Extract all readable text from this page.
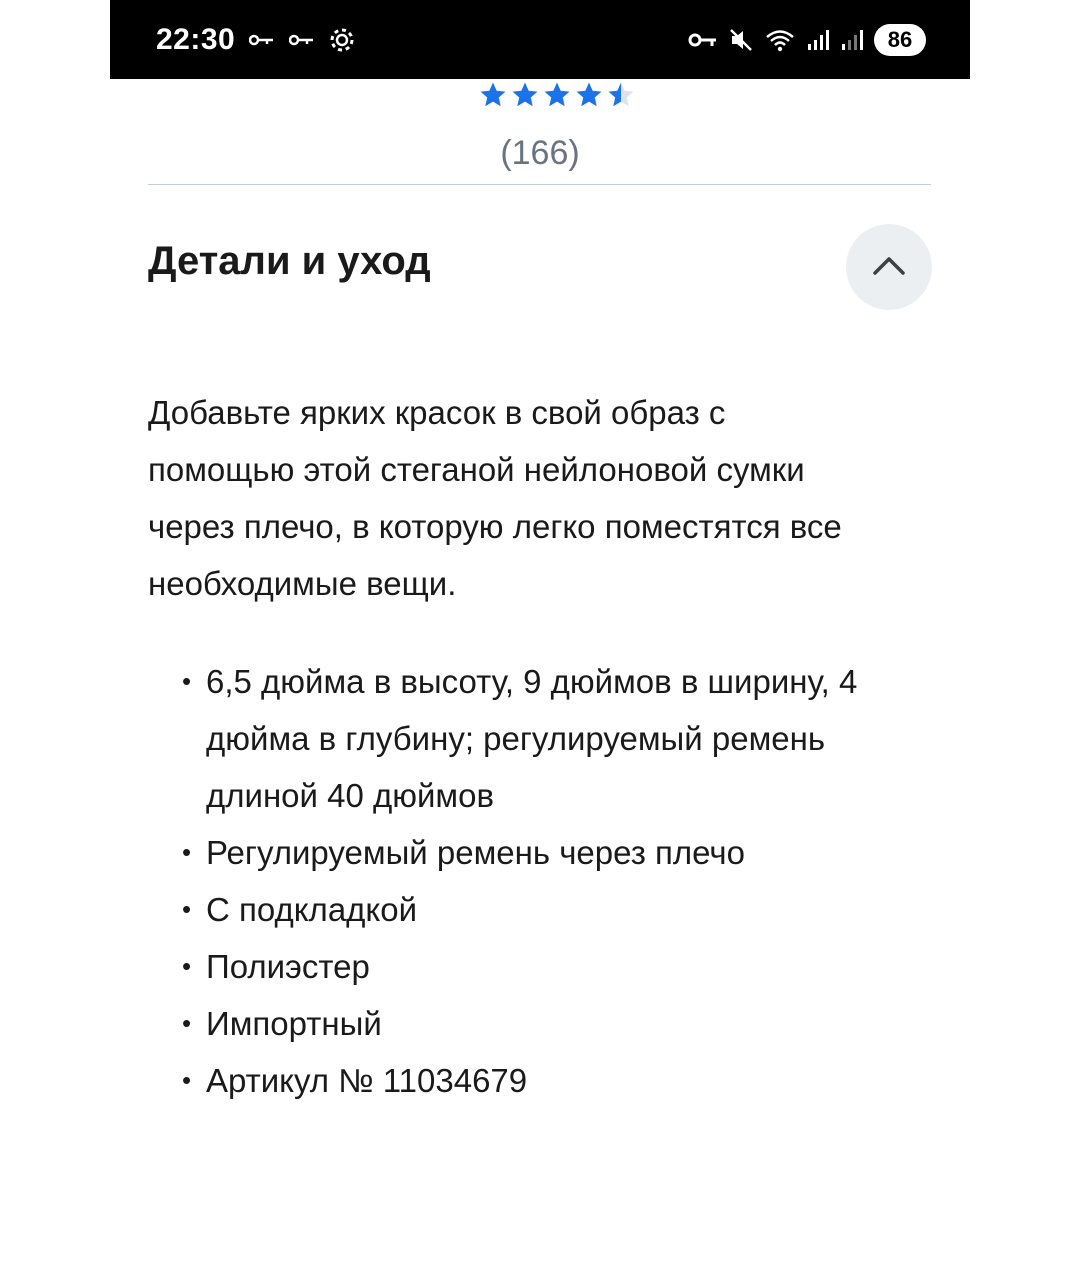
22:30	86
(166)
Детали и уход

Добавьте ярких красок в свой образ с помощью этой стеганой нейлоновой сумки через плечо, в которую легко поместятся все необходимые вещи.

• 6,5 дюйма в высоту, 9 дюймов в ширину, 4 дюйма в глубину; регулируемый ремень длиной 40 дюймов
• Регулируемый ремень через плечо
• С подкладкой
• Полиэстер
• Импортный
• Артикул № 11034679
